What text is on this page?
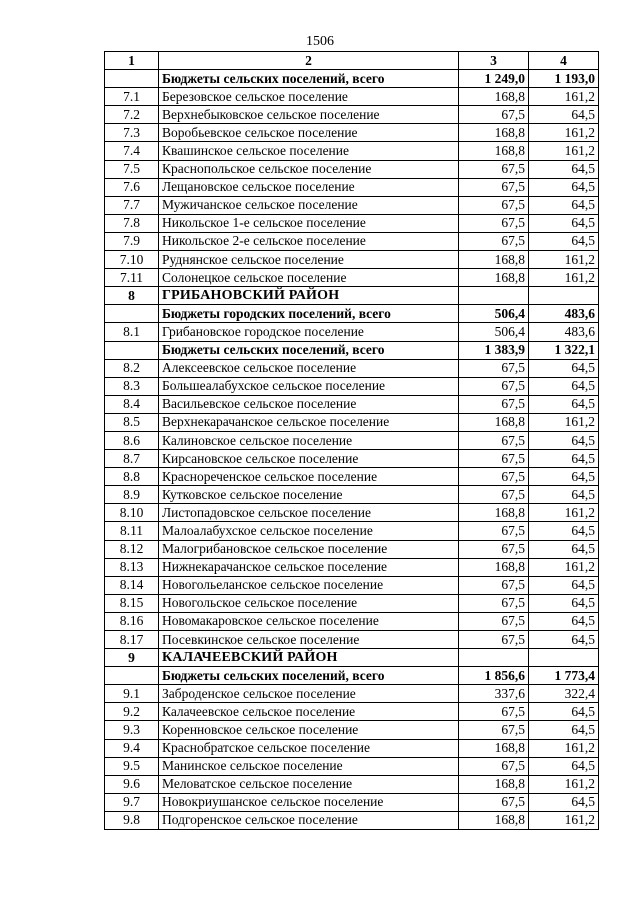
1506
1	2	3	4
	Бюджеты сельских поселений, всего	1 249,0	1 193,0
7.1	Березовское сельское поселение	168,8	161,2
7.2	Верхнебыковское сельское поселение	67,5	64,5
7.3	Воробьевское сельское поселение	168,8	161,2
7.4	Квашинское сельское поселение	168,8	161,2
7.5	Краснопольское сельское поселение	67,5	64,5
7.6	Лещановское сельское поселение	67,5	64,5
7.7	Мужичанское сельское поселение	67,5	64,5
7.8	Никольское 1-е сельское поселение	67,5	64,5
7.9	Никольское 2-е сельское поселение	67,5	64,5
7.10	Руднянское сельское поселение	168,8	161,2
7.11	Солонецкое сельское поселение	168,8	161,2
8	ГРИБАНОВСКИЙ РАЙОН		
	Бюджеты городских поселений, всего	506,4	483,6
8.1	Грибановское городское поселение	506,4	483,6
	Бюджеты сельских поселений, всего	1 383,9	1 322,1
8.2	Алексеевское сельское поселение	67,5	64,5
8.3	Большеалабухское сельское поселение	67,5	64,5
8.4	Васильевское сельское поселение	67,5	64,5
8.5	Верхнекарачанское сельское поселение	168,8	161,2
8.6	Калиновское сельское поселение	67,5	64,5
8.7	Кирсановское сельское поселение	67,5	64,5
8.8	Краснореченское сельское поселение	67,5	64,5
8.9	Кутковское сельское поселение	67,5	64,5
8.10	Листопадовское сельское поселение	168,8	161,2
8.11	Малоалабухское сельское поселение	67,5	64,5
8.12	Малогрибановское сельское поселение	67,5	64,5
8.13	Нижнекарачанское сельское поселение	168,8	161,2
8.14	Новогольеланское сельское поселение	67,5	64,5
8.15	Новогольское сельское поселение	67,5	64,5
8.16	Новомакаровское сельское поселение	67,5	64,5
8.17	Посевкинское сельское поселение	67,5	64,5
9	КАЛАЧЕЕВСКИЙ РАЙОН		
	Бюджеты сельских поселений, всего	1 856,6	1 773,4
9.1	Заброденское сельское поселение	337,6	322,4
9.2	Калачеевское сельское поселение	67,5	64,5
9.3	Коренновское сельское поселение	67,5	64,5
9.4	Краснобратское сельское поселение	168,8	161,2
9.5	Манинское сельское поселение	67,5	64,5
9.6	Меловатское сельское поселение	168,8	161,2
9.7	Новокриушанское сельское поселение	67,5	64,5
9.8	Подгоренское сельское поселение	168,8	161,2
